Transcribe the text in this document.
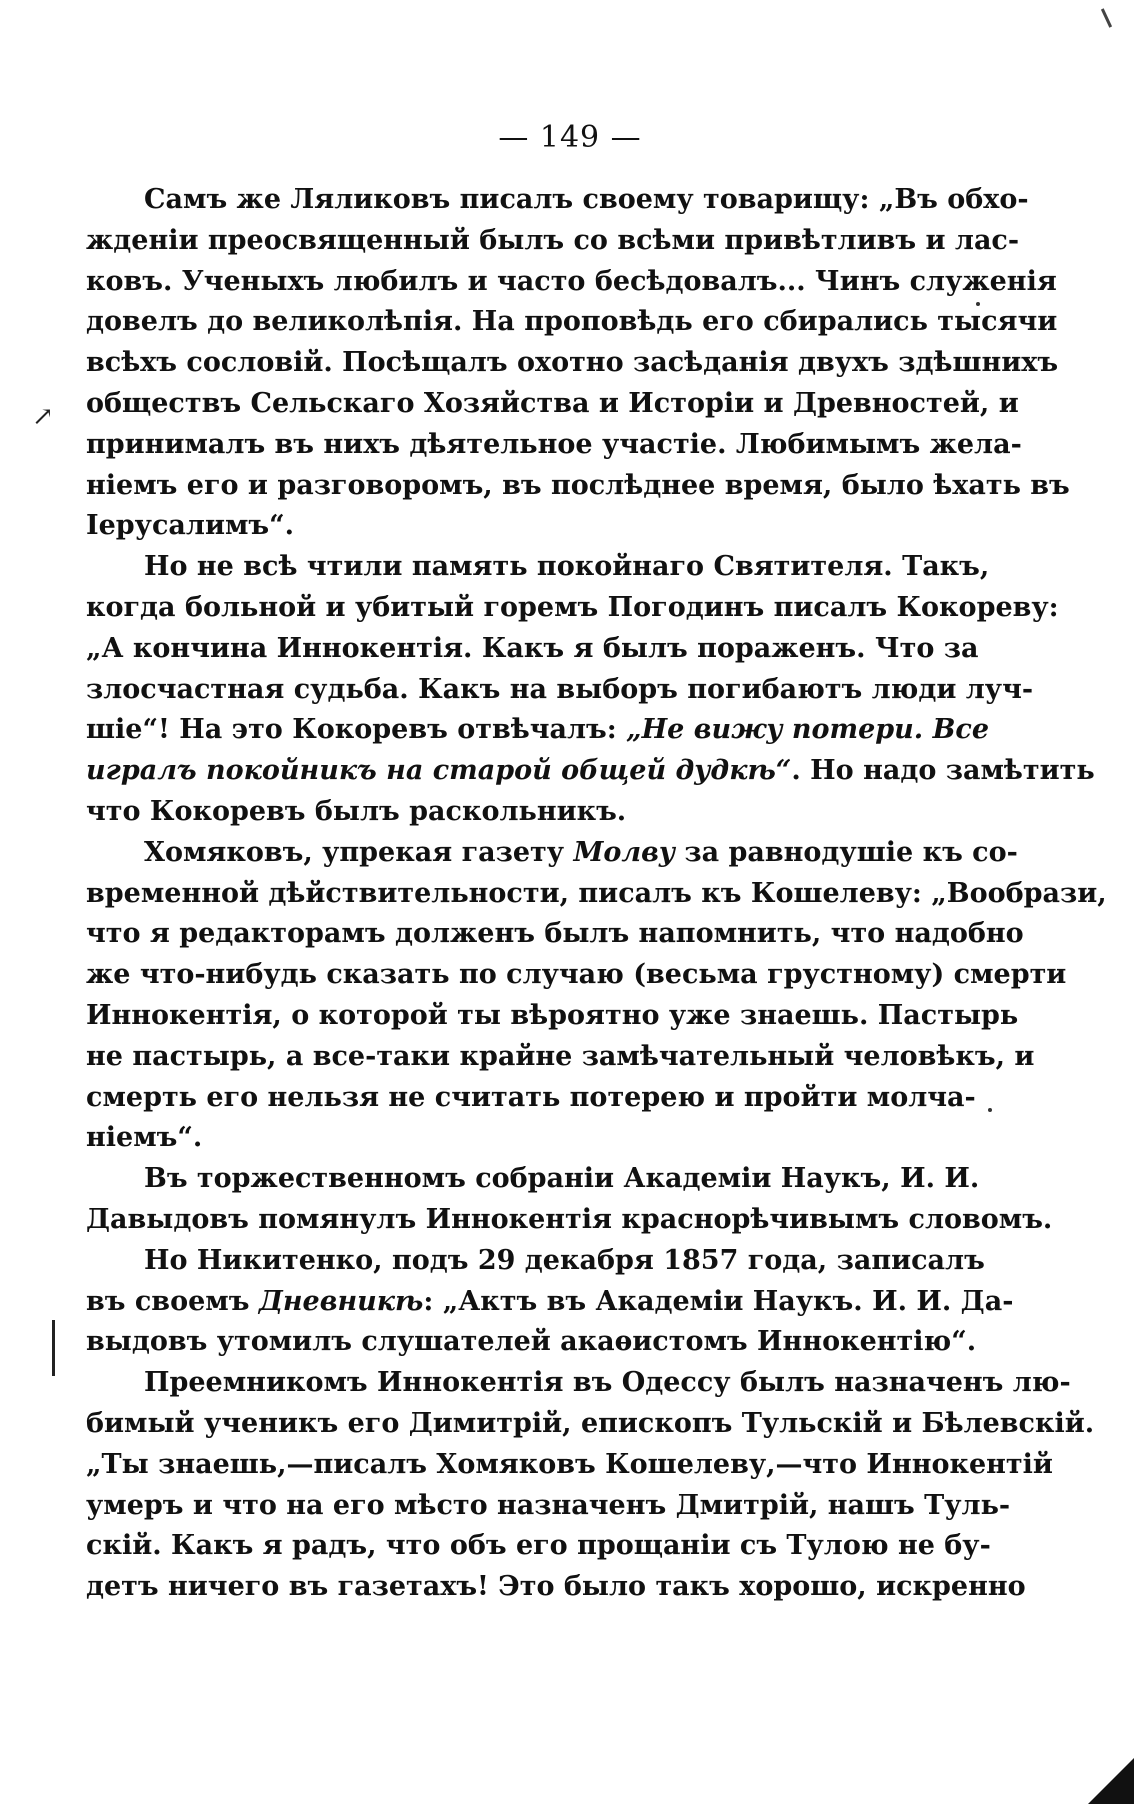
— 149 —
↗
Самъ же Ляликовъ писалъ своему товарищу: „Въ обхо-
жденіи преосвященный былъ со всѣми привѣтливъ и лас-
ковъ. Ученыхъ любилъ и часто бесѣдовалъ... Чинъ служенія
довелъ до великолѣпія. На проповѣдь его сбирались тысячи
всѣхъ сословій. Посѣщалъ охотно засѣданія двухъ здѣшнихъ
обществъ Сельскаго Хозяйства и Исторіи и Древностей, и
принималъ въ нихъ дѣятельное участіе. Любимымъ жела-
ніемъ его и разговоромъ, въ послѣднее время, было ѣхать въ
Іерусалимъ“.
Но не всѣ чтили память покойнаго Святителя. Такъ,
когда больной и убитый горемъ Погодинъ писалъ Кокореву:
„А кончина Иннокентія. Какъ я былъ пораженъ. Что за
злосчастная судьба. Какъ на выборъ погибаютъ люди луч-
шіе“! На это Кокоревъ отвѣчалъ: „Не вижу потери. Все
игралъ покойникъ на старой общей дудкѣ“. Но надо замѣтить
что Кокоревъ былъ раскольникъ.
Хомяковъ, упрекая газету Молву за равнодушіе къ со-
временной дѣйствительности, писалъ къ Кошелеву: „Вообрази,
что я редакторамъ долженъ былъ напомнить, что надобно
же что-нибудь сказать по случаю (весьма грустному) смерти
Иннокентія, о которой ты вѣроятно уже знаешь. Пастырь
не пастырь, а все-таки крайне замѣчательный человѣкъ, и
смерть его нельзя не считать потерею и пройти молча-
ніемъ“.
Въ торжественномъ собраніи Академіи Наукъ, И. И.
Давыдовъ помянулъ Иннокентія краснорѣчивымъ словомъ.
Но Никитенко, подъ 29 декабря 1857 года, записалъ
въ своемъ Дневникѣ: „Актъ въ Академіи Наукъ. И. И. Да-
выдовъ утомилъ слушателей акаѳистомъ Иннокентію“.
Преемникомъ Иннокентія въ Одессу былъ назначенъ лю-
бимый ученикъ его Димитрій, епископъ Тульскій и Бѣлевскій.
„Ты знаешь,—писалъ Хомяковъ Кошелеву,—что Иннокентій
умеръ и что на его мѣсто назначенъ Дмитрій, нашъ Туль-
скій. Какъ я радъ, что объ его прощаніи съ Тулою не бу-
детъ ничего въ газетахъ! Это было такъ хорошо, искренно
